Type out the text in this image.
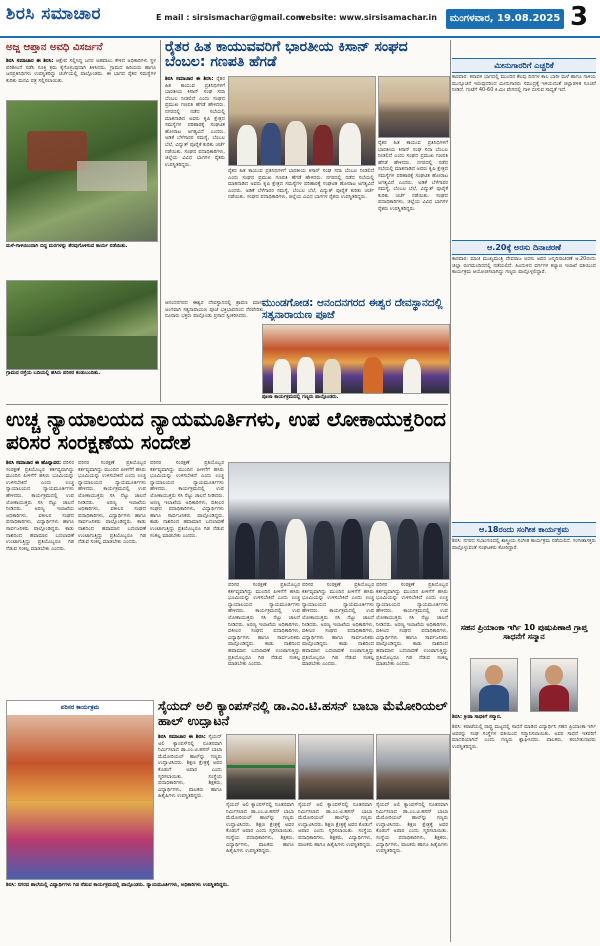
ಶಿರಸಿ ಸಮಾಚಾರ	E mail : sirsismachar@gmail.com
website: www.sirsisamachar.in	ಮಂಗಳವಾರ, 19.08.2025 3
ಅಜ್ಜ ಆಪ್ತಾನ ಅವಧಿ ವಿಸರ್ಜನೆ
ಶಿರಸಿ ಸಮಾಚಾರ ಈ ಶಿರಸಿ: ಆಕ್ಷೇಪ ಸಲ್ಲಿಸಿದ್ದ ಜನರ ಅಹವಾಲು ಕೇಳಿದ ಅಧಿಕಾರಿಗಳು ಸ್ಥಳ ಪರಿಶೀಲನೆ ನಡೆಸಿ ಸೂಕ್ತ ಕ್ರಮ ಕೈಗೊಳ್ಳುವುದಾಗಿ ತಿಳಿಸಿದರು. ಗ್ರಾಮದ ಹಿರಿಯರು ಹಾಗೂ ಜನಪ್ರತಿನಿಧಿಗಳು ಉಪಸ್ಥಿತರಿದ್ದು ಚರ್ಚೆಯಲ್ಲಿ ಪಾಲ್ಗೊಂಡರು. ಈ ಭಾಗದ ರೈತರ ಸಮಸ್ಯೆಗಳ ಕುರಿತು ಮನವಿ ಪತ್ರ ಸಲ್ಲಿಸಲಾಯಿತು.
ಮಳೆ-ಗಾಳಿಯಿಂದಾಗಿ ಬಿದ್ದ ಮರಗಳನ್ನು ತೆರವುಗೊಳಿಸುವ ಕಾರ್ಯ ನಡೆಯಿತು.
ಗ್ರಾಮದ ರಸ್ತೆಯ ಬದಿಯಲ್ಲಿ ಹಸಿರು ಪರಿಸರ ಕಂಡುಬಂದಿತು.
ರೈತರ ಹಿತ ಕಾಯುವವರಿಗೆ ಭಾರತೀಯ ಕಿಸಾನ್ ಸಂಘದ ಬೆಂಬಲ: ಗಣಪತಿ ಹೆಗಡೆ
ಶಿರಸಿ ಸಮಾಚಾರ ಈ ಶಿರಸಿ: ರೈತರ ಹಿತ ಕಾಯುವ ಪ್ರತಿನಿಧಿಗಳಿಗೆ ಭಾರತೀಯ ಕಿಸಾನ್ ಸಂಘ ಸದಾ ಬೆಂಬಲ ನೀಡಲಿದೆ ಎಂದು ಸಂಘದ ಪ್ರಮುಖ ಗಣಪತಿ ಹೆಗಡೆ ಹೇಳಿದರು. ನಗರದಲ್ಲಿ ನಡೆದ ಸಭೆಯಲ್ಲಿ ಮಾತನಾಡಿದ ಅವರು ಕೃಷಿ ಕ್ಷೇತ್ರದ ಸಮಸ್ಯೆಗಳ ಪರಿಹಾರಕ್ಕೆ ಸಂಘಟಿತ ಹೋರಾಟ ಅಗತ್ಯವಿದೆ ಎಂದರು. ಅಡಿಕೆ ಬೆಳೆಗಾರರ ಸಮಸ್ಯೆ, ಬೆಂಬಲ ಬೆಲೆ, ವಿದ್ಯುತ್ ಪೂರೈಕೆ ಕುರಿತು ಚರ್ಚೆ ನಡೆಯಿತು. ಸಂಘದ ಪದಾಧಿಕಾರಿಗಳು, ಜಿಲ್ಲೆಯ ವಿವಿಧ ಭಾಗಗಳ ರೈತರು ಉಪಸ್ಥಿತರಿದ್ದರು.
ರೈತರ ಹಿತ ಕಾಯುವ ಪ್ರತಿನಿಧಿಗಳಿಗೆ ಭಾರತೀಯ ಕಿಸಾನ್ ಸಂಘ ಸದಾ ಬೆಂಬಲ ನೀಡಲಿದೆ ಎಂದು ಸಂಘದ ಪ್ರಮುಖ ಗಣಪತಿ ಹೆಗಡೆ ಹೇಳಿದರು. ನಗರದಲ್ಲಿ ನಡೆದ ಸಭೆಯಲ್ಲಿ ಮಾತನಾಡಿದ ಅವರು ಕೃಷಿ ಕ್ಷೇತ್ರದ ಸಮಸ್ಯೆಗಳ ಪರಿಹಾರಕ್ಕೆ ಸಂಘಟಿತ ಹೋರಾಟ ಅಗತ್ಯವಿದೆ ಎಂದರು. ಅಡಿಕೆ ಬೆಳೆಗಾರರ ಸಮಸ್ಯೆ, ಬೆಂಬಲ ಬೆಲೆ, ವಿದ್ಯುತ್ ಪೂರೈಕೆ ಕುರಿತು ಚರ್ಚೆ ನಡೆಯಿತು. ಸಂಘದ ಪದಾಧಿಕಾರಿಗಳು, ಜಿಲ್ಲೆಯ ವಿವಿಧ ಭಾಗಗಳ ರೈತರು ಉಪಸ್ಥಿತರಿದ್ದರು.
ರೈತರ ಹಿತ ಕಾಯುವ ಪ್ರತಿನಿಧಿಗಳಿಗೆ ಭಾರತೀಯ ಕಿಸಾನ್ ಸಂಘ ಸದಾ ಬೆಂಬಲ ನೀಡಲಿದೆ ಎಂದು ಸಂಘದ ಪ್ರಮುಖ ಗಣಪತಿ ಹೆಗಡೆ ಹೇಳಿದರು. ನಗರದಲ್ಲಿ ನಡೆದ ಸಭೆಯಲ್ಲಿ ಮಾತನಾಡಿದ ಅವರು ಕೃಷಿ ಕ್ಷೇತ್ರದ ಸಮಸ್ಯೆಗಳ ಪರಿಹಾರಕ್ಕೆ ಸಂಘಟಿತ ಹೋರಾಟ ಅಗತ್ಯವಿದೆ ಎಂದರು. ಅಡಿಕೆ ಬೆಳೆಗಾರರ ಸಮಸ್ಯೆ, ಬೆಂಬಲ ಬೆಲೆ, ವಿದ್ಯುತ್ ಪೂರೈಕೆ ಕುರಿತು ಚರ್ಚೆ ನಡೆಯಿತು. ಸಂಘದ ಪದಾಧಿಕಾರಿಗಳು, ಜಿಲ್ಲೆಯ ವಿವಿಧ ಭಾಗಗಳ ರೈತರು ಉಪಸ್ಥಿತರಿದ್ದರು.
ಆನಂದನಗರದ ಈಶ್ವರ ದೇವಸ್ಥಾನದಲ್ಲಿ ಶ್ರಾವಣ ಮಾಸದ ಅಂಗವಾಗಿ ಸತ್ಯನಾರಾಯಣ ಪೂಜೆ ಭಕ್ತಿಭಾವದಿಂದ ನೆರವೇರಿತು. ನೂರಾರು ಭಕ್ತರು ಪಾಲ್ಗೊಂಡು ಪ್ರಸಾದ ಸ್ವೀಕರಿಸಿದರು.
ಮುಂಡಗೋಡ: ಆನಂದನಗರದ ಈಶ್ವರ ದೇವಸ್ಥಾನದಲ್ಲಿ ಸತ್ಯನಾರಾಯಣ ಪೂಜೆ
ಪೂಜಾ ಕಾರ್ಯಕ್ರಮದಲ್ಲಿ ಗಣ್ಯರು ಪಾಲ್ಗೊಂಡರು.
ಮೀನುಗಾರರಿಗೆ ಎಚ್ಚರಿಕೆ
ಕಾರವಾರ: ಕರಾವಳಿ ಭಾಗದಲ್ಲಿ ಮುಂದಿನ ಕೆಲವು ದಿನಗಳ ಕಾಲ ಭಾರೀ ಮಳೆ ಹಾಗೂ ಗಾಳಿಯ ಮುನ್ಸೂಚನೆ ಇರುವುದರಿಂದ ಮೀನುಗಾರರು ಸಮುದ್ರಕ್ಕೆ ಇಳಿಯದಂತೆ ಜಿಲ್ಲಾಡಳಿತ ಸೂಚನೆ ನೀಡಿದೆ. ಗಂಟೆಗೆ 40-60 ಕಿ.ಮೀ ವೇಗದಲ್ಲಿ ಗಾಳಿ ಬೀಸುವ ಸಾಧ್ಯತೆ ಇದೆ.
ಆ.20ಕ್ಕೆ ಅರಸು ದಿನಾಚರಣೆ
ಕಾರವಾರ: ಮಾಜಿ ಮುಖ್ಯಮಂತ್ರಿ ದೇವರಾಜ ಅರಸು ಅವರ ಜನ್ಮದಿನಾಚರಣೆ ಆ.20ರಂದು ಜಿಲ್ಲಾ ರಂಗಮಂದಿರದಲ್ಲಿ ನಡೆಯಲಿದೆ. ಹಿಂದುಳಿದ ವರ್ಗಗಳ ಕಲ್ಯಾಣ ಇಲಾಖೆ ವತಿಯಿಂದ ಕಾರ್ಯಕ್ರಮ ಆಯೋಜಿಸಲಾಗಿದ್ದು ಗಣ್ಯರು ಪಾಲ್ಗೊಳ್ಳಲಿದ್ದಾರೆ.
ಆ.18ರಂದು ಸಂಗೀತ ಕಾರ್ಯಕ್ರಮ
ಶಿರಸಿ: ನಗರದ ಸಭಾಂಗಣದಲ್ಲಿ ಶಾಸ್ತ್ರೀಯ ಸಂಗೀತ ಕಾರ್ಯಕ್ರಮ ನಡೆಯಲಿದೆ. ಸಂಗೀತಾಸಕ್ತರು ಪಾಲ್ಗೊಳ್ಳುವಂತೆ ಸಂಘಟಕರು ಕೋರಿದ್ದಾರೆ.
ಸಹನ ಪ್ರಿಯಾಂಕಾ ಇರ್ಗಿ 10 ಪುಷುಪಿಣಾಜಿ ಗ್ರಾಪ್ತ ಸಾಧನೆಗೆ ಸನ್ಮಾನ
ಶಿರಸಿ: ಕ್ರೀಡಾ ಸಾಧಕಿಗೆ ಸನ್ಮಾನ.
ಶಿರಸಿ: ಕರಾಟೆಯಲ್ಲಿ ರಾಷ್ಟ್ರ ಮಟ್ಟದಲ್ಲಿ ಸಾಧನೆ ಮಾಡಿದ ವಿದ್ಯಾರ್ಥಿನಿ ಸಹನ ಪ್ರಿಯಾಂಕಾ ಇರ್ಗಿ ಅವರನ್ನು ಸಂಘ ಸಂಸ್ಥೆಗಳ ವತಿಯಿಂದ ಸನ್ಮಾನಿಸಲಾಯಿತು. ಅವರ ಸಾಧನೆ ಇತರರಿಗೆ ಮಾದರಿಯಾಗಿದೆ ಎಂದು ಗಣ್ಯರು ಶ್ಲಾಘಿಸಿದರು. ಪಾಲಕರು, ತರಬೇತುದಾರರು ಉಪಸ್ಥಿತರಿದ್ದರು.
ಉಚ್ಚ ನ್ಯಾಯಾಲಯದ ನ್ಯಾಯಮೂರ್ತಿಗಳು, ಉಪ ಲೋಕಾಯುಕ್ತರಿಂದ ಪರಿಸರ ಸಂರಕ್ಷಣೆಯ ಸಂದೇಶ
ಶಿರಸಿ ಸಮಾಚಾರ ಈ ಹೊನ್ನಾವರ: ಪರಿಸರ ಸಂರಕ್ಷಣೆ ಪ್ರತಿಯೊಬ್ಬರ ಕರ್ತವ್ಯವಾಗಿದ್ದು ಮುಂದಿನ ಪೀಳಿಗೆಗೆ ಹಸಿರು ಭೂಮಿಯನ್ನು ಉಳಿಸಬೇಕಿದೆ ಎಂದು ಉಚ್ಚ ನ್ಯಾಯಾಲಯದ ನ್ಯಾಯಮೂರ್ತಿಗಳು ಹೇಳಿದರು. ಕಾರ್ಯಕ್ರಮದಲ್ಲಿ ಉಪ ಲೋಕಾಯುಕ್ತರು ಸಸಿ ನೆಟ್ಟು ಚಾಲನೆ ನೀಡಿದರು. ಅರಣ್ಯ ಇಲಾಖೆಯ ಅಧಿಕಾರಿಗಳು, ವಕೀಲರ ಸಂಘದ ಪದಾಧಿಕಾರಿಗಳು, ವಿದ್ಯಾರ್ಥಿಗಳು ಹಾಗೂ ಸಾರ್ವಜನಿಕರು ಪಾಲ್ಗೊಂಡಿದ್ದರು. ಕಾಡು ನಾಶದಿಂದ ಹವಾಮಾನ ಬದಲಾವಣೆ ಉಂಟಾಗುತ್ತಿದ್ದು ಪ್ರತಿಯೊಬ್ಬರೂ ಗಿಡ ನೆಡುವ ಸಂಕಲ್ಪ ಮಾಡಬೇಕು ಎಂದರು.
ಪರಿಸರ ಸಂರಕ್ಷಣೆ ಪ್ರತಿಯೊಬ್ಬರ ಕರ್ತವ್ಯವಾಗಿದ್ದು ಮುಂದಿನ ಪೀಳಿಗೆಗೆ ಹಸಿರು ಭೂಮಿಯನ್ನು ಉಳಿಸಬೇಕಿದೆ ಎಂದು ಉಚ್ಚ ನ್ಯಾಯಾಲಯದ ನ್ಯಾಯಮೂರ್ತಿಗಳು ಹೇಳಿದರು. ಕಾರ್ಯಕ್ರಮದಲ್ಲಿ ಉಪ ಲೋಕಾಯುಕ್ತರು ಸಸಿ ನೆಟ್ಟು ಚಾಲನೆ ನೀಡಿದರು. ಅರಣ್ಯ ಇಲಾಖೆಯ ಅಧಿಕಾರಿಗಳು, ವಕೀಲರ ಸಂಘದ ಪದಾಧಿಕಾರಿಗಳು, ವಿದ್ಯಾರ್ಥಿಗಳು ಹಾಗೂ ಸಾರ್ವಜನಿಕರು ಪಾಲ್ಗೊಂಡಿದ್ದರು. ಕಾಡು ನಾಶದಿಂದ ಹವಾಮಾನ ಬದಲಾವಣೆ ಉಂಟಾಗುತ್ತಿದ್ದು ಪ್ರತಿಯೊಬ್ಬರೂ ಗಿಡ ನೆಡುವ ಸಂಕಲ್ಪ ಮಾಡಬೇಕು ಎಂದರು.
ಪರಿಸರ ಸಂರಕ್ಷಣೆ ಪ್ರತಿಯೊಬ್ಬರ ಕರ್ತವ್ಯವಾಗಿದ್ದು ಮುಂದಿನ ಪೀಳಿಗೆಗೆ ಹಸಿರು ಭೂಮಿಯನ್ನು ಉಳಿಸಬೇಕಿದೆ ಎಂದು ಉಚ್ಚ ನ್ಯಾಯಾಲಯದ ನ್ಯಾಯಮೂರ್ತಿಗಳು ಹೇಳಿದರು. ಕಾರ್ಯಕ್ರಮದಲ್ಲಿ ಉಪ ಲೋಕಾಯುಕ್ತರು ಸಸಿ ನೆಟ್ಟು ಚಾಲನೆ ನೀಡಿದರು. ಅರಣ್ಯ ಇಲಾಖೆಯ ಅಧಿಕಾರಿಗಳು, ವಕೀಲರ ಸಂಘದ ಪದಾಧಿಕಾರಿಗಳು, ವಿದ್ಯಾರ್ಥಿಗಳು ಹಾಗೂ ಸಾರ್ವಜನಿಕರು ಪಾಲ್ಗೊಂಡಿದ್ದರು. ಕಾಡು ನಾಶದಿಂದ ಹವಾಮಾನ ಬದಲಾವಣೆ ಉಂಟಾಗುತ್ತಿದ್ದು ಪ್ರತಿಯೊಬ್ಬರೂ ಗಿಡ ನೆಡುವ ಸಂಕಲ್ಪ ಮಾಡಬೇಕು ಎಂದರು.
ಪರಿಸರ ಸಂರಕ್ಷಣೆ ಪ್ರತಿಯೊಬ್ಬರ ಕರ್ತವ್ಯವಾಗಿದ್ದು ಮುಂದಿನ ಪೀಳಿಗೆಗೆ ಹಸಿರು ಭೂಮಿಯನ್ನು ಉಳಿಸಬೇಕಿದೆ ಎಂದು ಉಚ್ಚ ನ್ಯಾಯಾಲಯದ ನ್ಯಾಯಮೂರ್ತಿಗಳು ಹೇಳಿದರು. ಕಾರ್ಯಕ್ರಮದಲ್ಲಿ ಉಪ ಲೋಕಾಯುಕ್ತರು ಸಸಿ ನೆಟ್ಟು ಚಾಲನೆ ನೀಡಿದರು. ಅರಣ್ಯ ಇಲಾಖೆಯ ಅಧಿಕಾರಿಗಳು, ವಕೀಲರ ಸಂಘದ ಪದಾಧಿಕಾರಿಗಳು, ವಿದ್ಯಾರ್ಥಿಗಳು ಹಾಗೂ ಸಾರ್ವಜನಿಕರು ಪಾಲ್ಗೊಂಡಿದ್ದರು. ಕಾಡು ನಾಶದಿಂದ ಹವಾಮಾನ ಬದಲಾವಣೆ ಉಂಟಾಗುತ್ತಿದ್ದು ಪ್ರತಿಯೊಬ್ಬರೂ ಗಿಡ ನೆಡುವ ಸಂಕಲ್ಪ ಮಾಡಬೇಕು ಎಂದರು.
ಪರಿಸರ ಸಂರಕ್ಷಣೆ ಪ್ರತಿಯೊಬ್ಬರ ಕರ್ತವ್ಯವಾಗಿದ್ದು ಮುಂದಿನ ಪೀಳಿಗೆಗೆ ಹಸಿರು ಭೂಮಿಯನ್ನು ಉಳಿಸಬೇಕಿದೆ ಎಂದು ಉಚ್ಚ ನ್ಯಾಯಾಲಯದ ನ್ಯಾಯಮೂರ್ತಿಗಳು ಹೇಳಿದರು. ಕಾರ್ಯಕ್ರಮದಲ್ಲಿ ಉಪ ಲೋಕಾಯುಕ್ತರು ಸಸಿ ನೆಟ್ಟು ಚಾಲನೆ ನೀಡಿದರು. ಅರಣ್ಯ ಇಲಾಖೆಯ ಅಧಿಕಾರಿಗಳು, ವಕೀಲರ ಸಂಘದ ಪದಾಧಿಕಾರಿಗಳು, ವಿದ್ಯಾರ್ಥಿಗಳು ಹಾಗೂ ಸಾರ್ವಜನಿಕರು ಪಾಲ್ಗೊಂಡಿದ್ದರು. ಕಾಡು ನಾಶದಿಂದ ಹವಾಮಾನ ಬದಲಾವಣೆ ಉಂಟಾಗುತ್ತಿದ್ದು ಪ್ರತಿಯೊಬ್ಬರೂ ಗಿಡ ನೆಡುವ ಸಂಕಲ್ಪ ಮಾಡಬೇಕು ಎಂದರು.
ಪರಿಸರ ಸಂರಕ್ಷಣೆ ಪ್ರತಿಯೊಬ್ಬರ ಕರ್ತವ್ಯವಾಗಿದ್ದು ಮುಂದಿನ ಪೀಳಿಗೆಗೆ ಹಸಿರು ಭೂಮಿಯನ್ನು ಉಳಿಸಬೇಕಿದೆ ಎಂದು ಉಚ್ಚ ನ್ಯಾಯಾಲಯದ ನ್ಯಾಯಮೂರ್ತಿಗಳು ಹೇಳಿದರು. ಕಾರ್ಯಕ್ರಮದಲ್ಲಿ ಉಪ ಲೋಕಾಯುಕ್ತರು ಸಸಿ ನೆಟ್ಟು ಚಾಲನೆ ನೀಡಿದರು. ಅರಣ್ಯ ಇಲಾಖೆಯ ಅಧಿಕಾರಿಗಳು, ವಕೀಲರ ಸಂಘದ ಪದಾಧಿಕಾರಿಗಳು, ವಿದ್ಯಾರ್ಥಿಗಳು ಹಾಗೂ ಸಾರ್ವಜನಿಕರು ಪಾಲ್ಗೊಂಡಿದ್ದರು. ಕಾಡು ನಾಶದಿಂದ ಹವಾಮಾನ ಬದಲಾವಣೆ ಉಂಟಾಗುತ್ತಿದ್ದು ಪ್ರತಿಯೊಬ್ಬರೂ ಗಿಡ ನೆಡುವ ಸಂಕಲ್ಪ ಮಾಡಬೇಕು ಎಂದರು.
ಪರಿಸರ ಕಾರ್ಯಕ್ರಮ
ಶಿರಸಿ: ನಗರದ ಶಾಲೆಯಲ್ಲಿ ವಿದ್ಯಾರ್ಥಿಗಳು ಗಿಡ ನೆಡುವ ಕಾರ್ಯಕ್ರಮದಲ್ಲಿ ಪಾಲ್ಗೊಂಡರು. ನ್ಯಾಯಮೂರ್ತಿಗಳು, ಅಧಿಕಾರಿಗಳು ಉಪಸ್ಥಿತರಿದ್ದರು.
ಸೈಯದ್ ಅಲಿ ಕ್ಯಾಂಪಸ್‌ನಲ್ಲಿ ಡಾ.ಎಂ.ಟಿ.ಹಸನ್ ಬಾಬಾ ಮೆಮೋರಿಯಲ್ ಹಾಲ್ ಉದ್ಘಾಟನೆ
ಶಿರಸಿ ಸಮಾಚಾರ ಈ ಶಿರಸಿ: ಸೈಯದ್ ಅಲಿ ಕ್ಯಾಂಪಸ್‌ನಲ್ಲಿ ನೂತನವಾಗಿ ನಿರ್ಮಿಸಲಾದ ಡಾ.ಎಂ.ಟಿ.ಹಸನ್ ಬಾಬಾ ಮೆಮೋರಿಯಲ್ ಹಾಲ್‌ನ್ನು ಗಣ್ಯರು ಉದ್ಘಾಟಿಸಿದರು. ಶಿಕ್ಷಣ ಕ್ಷೇತ್ರಕ್ಕೆ ಅವರ ಕೊಡುಗೆ ಅಪಾರ ಎಂದು ಸ್ಮರಿಸಲಾಯಿತು. ಸಂಸ್ಥೆಯ ಪದಾಧಿಕಾರಿಗಳು, ಶಿಕ್ಷಕರು, ವಿದ್ಯಾರ್ಥಿಗಳು, ಪಾಲಕರು ಹಾಗೂ ಹಿತೈಷಿಗಳು ಉಪಸ್ಥಿತರಿದ್ದರು.
ಸೈಯದ್ ಅಲಿ ಕ್ಯಾಂಪಸ್‌ನಲ್ಲಿ ನೂತನವಾಗಿ ನಿರ್ಮಿಸಲಾದ ಡಾ.ಎಂ.ಟಿ.ಹಸನ್ ಬಾಬಾ ಮೆಮೋರಿಯಲ್ ಹಾಲ್‌ನ್ನು ಗಣ್ಯರು ಉದ್ಘಾಟಿಸಿದರು. ಶಿಕ್ಷಣ ಕ್ಷೇತ್ರಕ್ಕೆ ಅವರ ಕೊಡುಗೆ ಅಪಾರ ಎಂದು ಸ್ಮರಿಸಲಾಯಿತು. ಸಂಸ್ಥೆಯ ಪದಾಧಿಕಾರಿಗಳು, ಶಿಕ್ಷಕರು, ವಿದ್ಯಾರ್ಥಿಗಳು, ಪಾಲಕರು ಹಾಗೂ ಹಿತೈಷಿಗಳು ಉಪಸ್ಥಿತರಿದ್ದರು.
ಸೈಯದ್ ಅಲಿ ಕ್ಯಾಂಪಸ್‌ನಲ್ಲಿ ನೂತನವಾಗಿ ನಿರ್ಮಿಸಲಾದ ಡಾ.ಎಂ.ಟಿ.ಹಸನ್ ಬಾಬಾ ಮೆಮೋರಿಯಲ್ ಹಾಲ್‌ನ್ನು ಗಣ್ಯರು ಉದ್ಘಾಟಿಸಿದರು. ಶಿಕ್ಷಣ ಕ್ಷೇತ್ರಕ್ಕೆ ಅವರ ಕೊಡುಗೆ ಅಪಾರ ಎಂದು ಸ್ಮರಿಸಲಾಯಿತು. ಸಂಸ್ಥೆಯ ಪದಾಧಿಕಾರಿಗಳು, ಶಿಕ್ಷಕರು, ವಿದ್ಯಾರ್ಥಿಗಳು, ಪಾಲಕರು ಹಾಗೂ ಹಿತೈಷಿಗಳು ಉಪಸ್ಥಿತರಿದ್ದರು.
ಸೈಯದ್ ಅಲಿ ಕ್ಯಾಂಪಸ್‌ನಲ್ಲಿ ನೂತನವಾಗಿ ನಿರ್ಮಿಸಲಾದ ಡಾ.ಎಂ.ಟಿ.ಹಸನ್ ಬಾಬಾ ಮೆಮೋರಿಯಲ್ ಹಾಲ್‌ನ್ನು ಗಣ್ಯರು ಉದ್ಘಾಟಿಸಿದರು. ಶಿಕ್ಷಣ ಕ್ಷೇತ್ರಕ್ಕೆ ಅವರ ಕೊಡುಗೆ ಅಪಾರ ಎಂದು ಸ್ಮರಿಸಲಾಯಿತು. ಸಂಸ್ಥೆಯ ಪದಾಧಿಕಾರಿಗಳು, ಶಿಕ್ಷಕರು, ವಿದ್ಯಾರ್ಥಿಗಳು, ಪಾಲಕರು ಹಾಗೂ ಹಿತೈಷಿಗಳು ಉಪಸ್ಥಿತರಿದ್ದರು.
